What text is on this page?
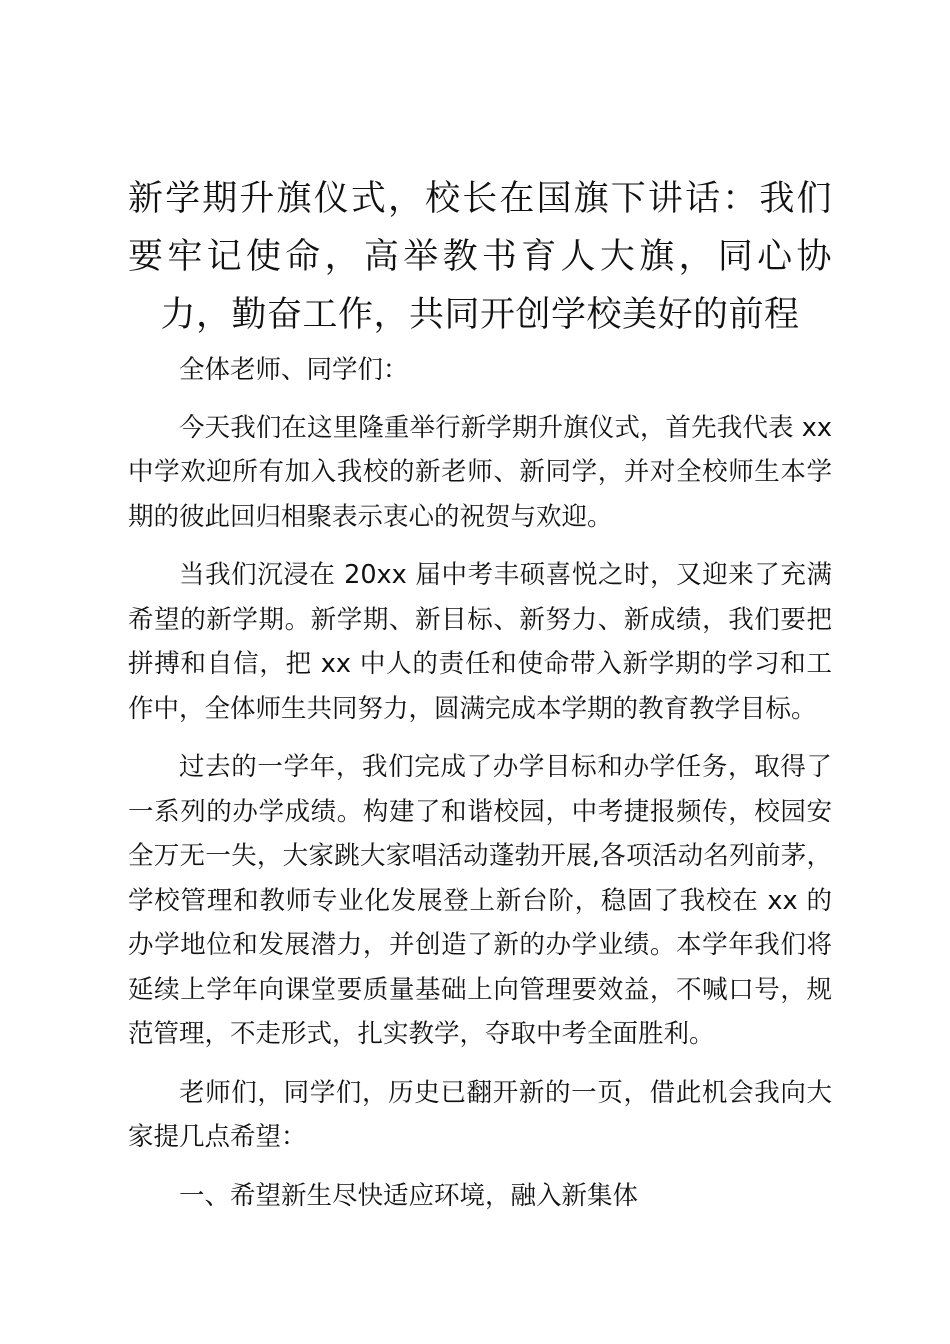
新学期升旗仪式，校长在国旗下讲话：我们要牢记使命，高举教书育人大旗，同心协力，勤奋工作，共同开创学校美好的前程

全体老师、同学们：

今天我们在这里隆重举行新学期升旗仪式，首先我代表 xx 中学欢迎所有加入我校的新老师、新同学，并对全校师生本学期的彼此回归相聚表示衷心的祝贺与欢迎。

当我们沉浸在 20xx 届中考丰硕喜悦之时，又迎来了充满希望的新学期。新学期、新目标、新努力、新成绩，我们要把拼搏和自信，把 xx 中人的责任和使命带入新学期的学习和工作中，全体师生共同努力，圆满完成本学期的教育教学目标。

过去的一学年，我们完成了办学目标和办学任务，取得了一系列的办学成绩。构建了和谐校园，中考捷报频传，校园安全万无一失，大家跳大家唱活动蓬勃开展,各项活动名列前茅，学校管理和教师专业化发展登上新台阶，稳固了我校在 xx 的办学地位和发展潜力，并创造了新的办学业绩。本学年我们将延续上学年向课堂要质量基础上向管理要效益，不喊口号，规范管理，不走形式，扎实教学，夺取中考全面胜利。

老师们，同学们，历史已翻开新的一页，借此机会我向大家提几点希望：

一、希望新生尽快适应环境，融入新集体
